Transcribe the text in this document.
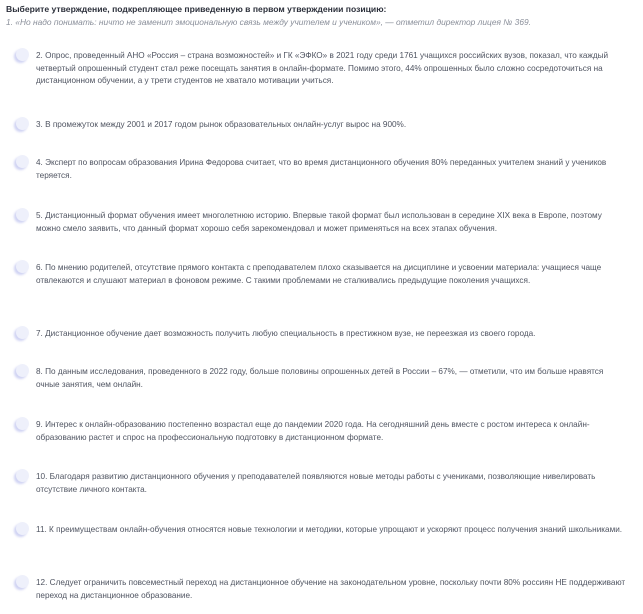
Выберите утверждение, подкрепляющее приведенную в первом утверждении позицию:
1. «Но надо понимать: ничто не заменит эмоциональную связь между учителем и учеником», — отметил директор лицея № 369.
2. Опрос, проведенный АНО «Россия – страна возможностей» и ГК «ЭФКО» в 2021 году среди 1761 учащихся российских вузов, показал, что каждый четвертый опрошенный студент стал реже посещать занятия в онлайн-формате. Помимо этого, 44% опрошенных было сложно сосредоточиться на дистанционном обучении, а у трети студентов не хватало мотивации учиться.
3. В промежуток между 2001 и 2017 годом рынок образовательных онлайн-услуг вырос на 900%.
4. Эксперт по вопросам образования Ирина Федорова считает, что во время дистанционного обучения 80% переданных учителем знаний у учеников теряется.
5. Дистанционный формат обучения имеет многолетнюю историю. Впервые такой формат был использован в середине XIX века в Европе, поэтому можно смело заявить, что данный формат хорошо себя зарекомендовал и может применяться на всех этапах обучения.
6. По мнению родителей, отсутствие прямого контакта с преподавателем плохо сказывается на дисциплине и усвоении материала: учащиеся чаще отвлекаются и слушают материал в фоновом режиме. С такими проблемами не сталкивались предыдущие поколения учащихся.
7. Дистанционное обучение дает возможность получить любую специальность в престижном вузе, не переезжая из своего города.
8. По данным исследования, проведенного в 2022 году, больше половины опрошенных детей в России – 67%, — отметили, что им больше нравятся очные занятия, чем онлайн.
9. Интерес к онлайн-образованию постепенно возрастал еще до пандемии 2020 года. На сегодняшний день вместе с ростом интереса к онлайн-образованию растет и спрос на профессиональную подготовку в дистанционном формате.
10. Благодаря развитию дистанционного обучения у преподавателей появляются новые методы работы с учениками, позволяющие нивелировать отсутствие личного контакта.
11. К преимуществам онлайн-обучения относятся новые технологии и методики, которые упрощают и ускоряют процесс получения знаний школьниками.
12. Следует ограничить повсеместный переход на дистанционное обучение на законодательном уровне, поскольку почти 80% россиян НЕ поддерживают переход на дистанционное образование.
